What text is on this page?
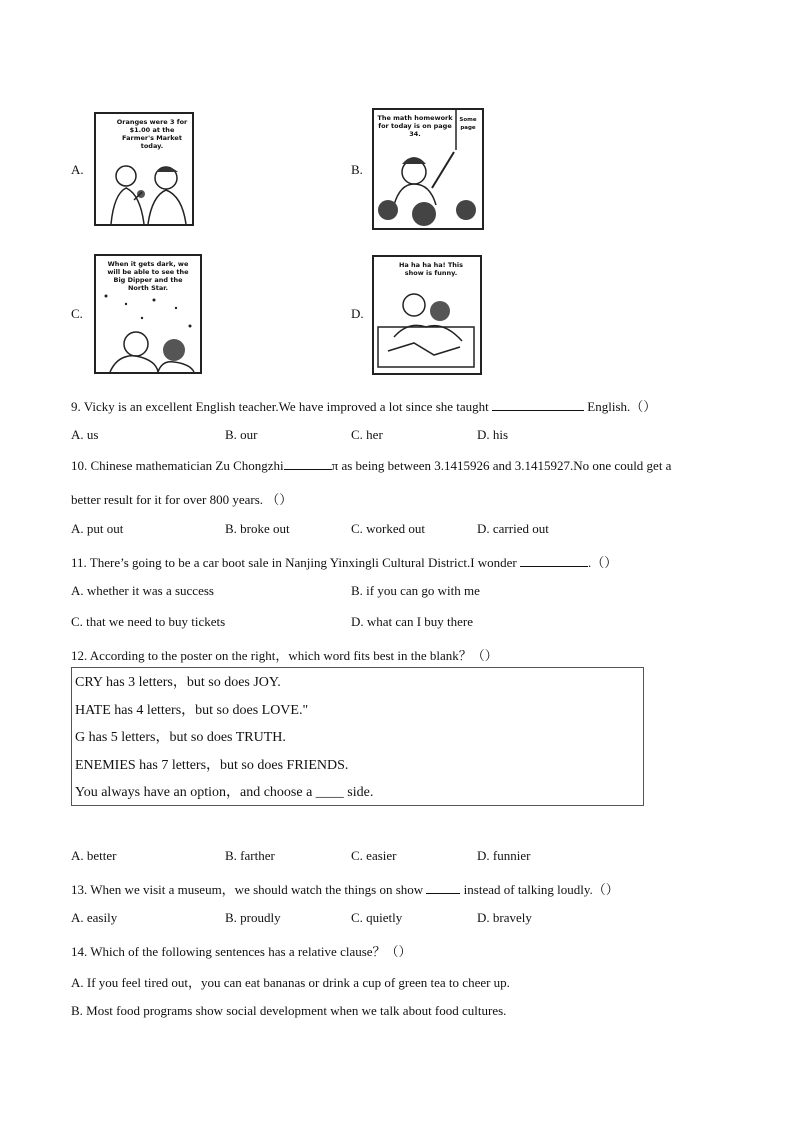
A.
Oranges were 3 for $1.00 at the Farmer's Market today.
B.
The math homework for today is on page 34.
Some page
C.
When it gets dark, we will be able to see the Big Dipper and the North Star.
D.
Ha ha ha ha! This show is funny.
9. Vicky is an excellent English teacher.We have improved a lot since she taught	English.（）
A. us	B. our	C. her	D. his
10. Chinese mathematician Zu Chongzhi	π as being between 3.1415926 and 3.1415927.No one could get a
better result for it for over 800 years. （）
A. put out	B. broke out	C. worked out	D. carried out
11. There’s going to be a car boot sale in Nanjing Yinxingli Cultural District.I wonder	.（）
A. whether it was a success	B. if you can go with me
C. that we need to buy tickets	D. what can I buy there
12. According to the poster on the right，which word fits best in the blank？（）
CRY has 3 letters，but so does JOY.
HATE has 4 letters，but so does LOVE."
G has 5 letters，but so does TRUTH.
ENEMIES has 7 letters，but so does FRIENDS.
You always have an option，and choose a ____ side.
A. better	B. farther	C. easier	D. funnier
13. When we visit a museum，we should watch the things on show	instead of talking loudly.（）
A. easily	B. proudly	C. quietly	D. bravely
14. Which of the following sentences has a relative clause？（）
A. If you feel tired out，you can eat bananas or drink a cup of green tea to cheer up.
B. Most food programs show social development when we talk about food cultures.
